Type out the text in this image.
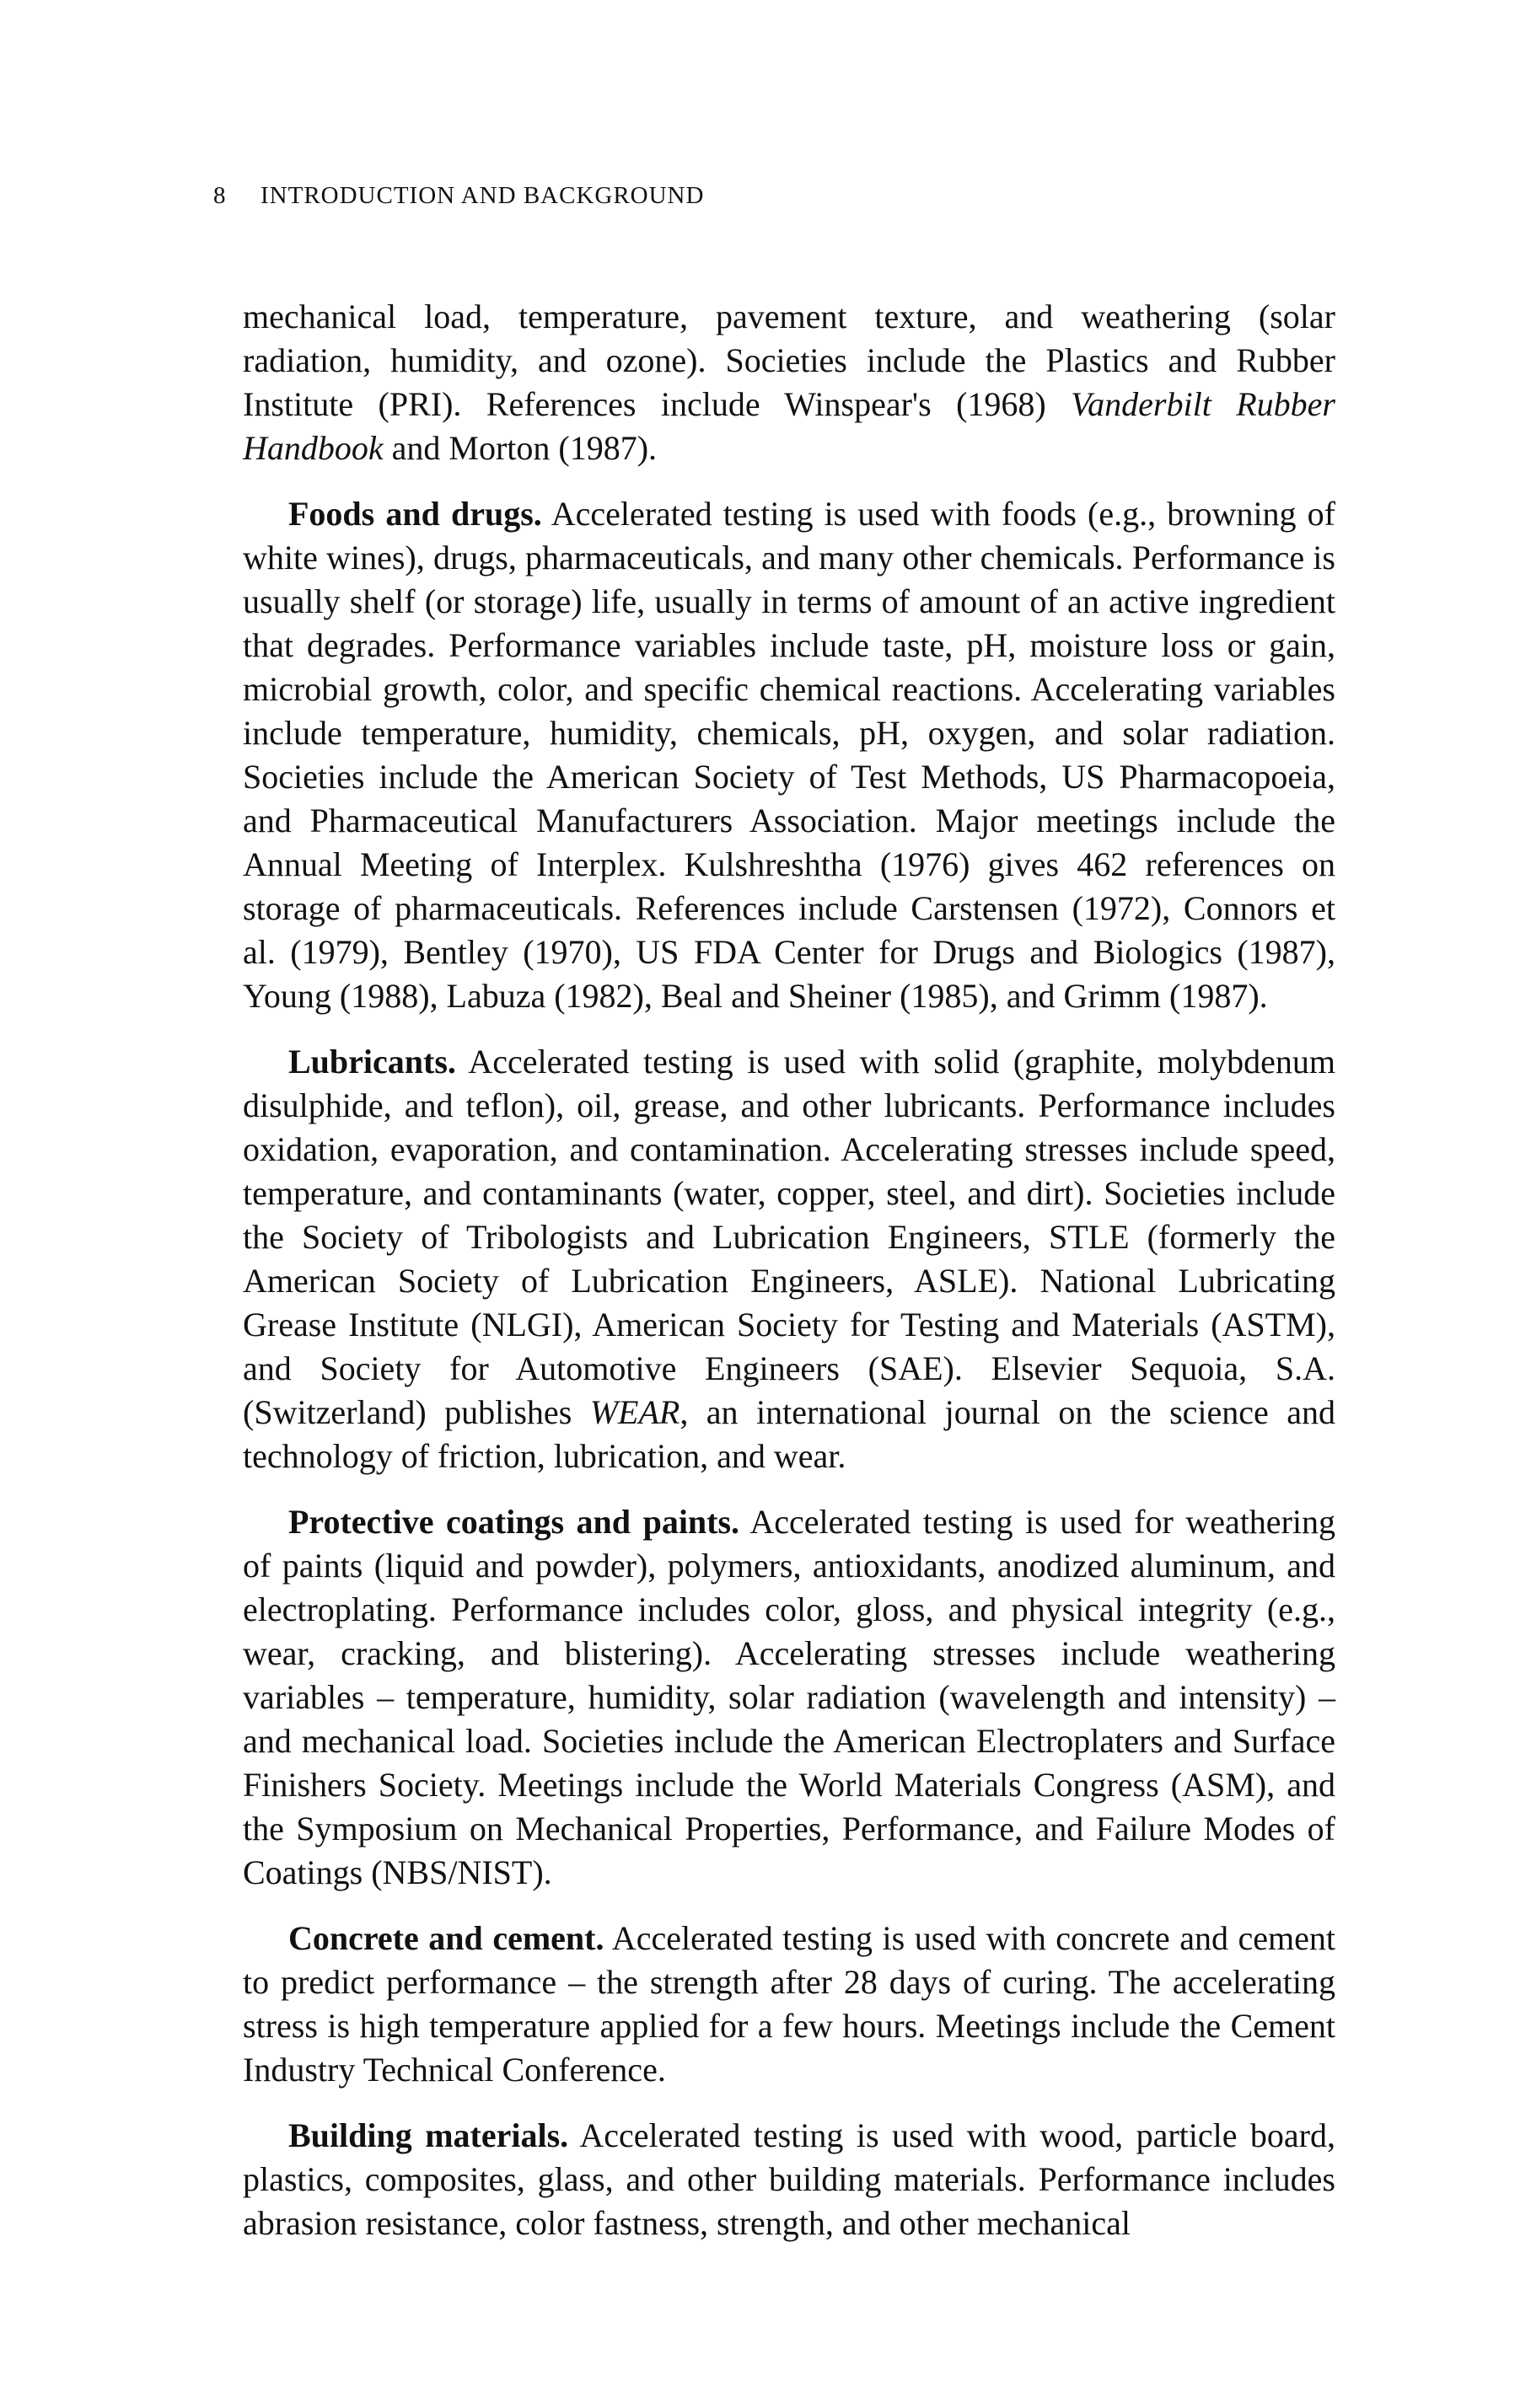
8 INTRODUCTION AND BACKGROUND

mechanical load, temperature, pavement texture, and weathering (solar radiation, humidity, and ozone). Societies include the Plastics and Rubber Institute (PRI). References include Winspear's (1968) Vanderbilt Rubber Handbook and Morton (1987).

Foods and drugs. Accelerated testing is used with foods (e.g., browning of white wines), drugs, pharmaceuticals, and many other chemicals. Performance is usually shelf (or storage) life, usually in terms of amount of an active ingredient that degrades. Performance variables include taste, pH, moisture loss or gain, microbial growth, color, and specific chemical reactions. Accelerating variables include temperature, humidity, chemicals, pH, oxygen, and solar radiation. Societies include the American Society of Test Methods, US Pharmacopoeia, and Pharmaceutical Manufacturers Association. Major meetings include the Annual Meeting of Interplex. Kulshreshtha (1976) gives 462 references on storage of pharmaceuticals. References include Carstensen (1972), Connors et al. (1979), Bentley (1970), US FDA Center for Drugs and Biologics (1987), Young (1988), Labuza (1982), Beal and Sheiner (1985), and Grimm (1987).

Lubricants. Accelerated testing is used with solid (graphite, molybdenum disulphide, and teflon), oil, grease, and other lubricants. Performance includes oxidation, evaporation, and contamination. Accelerating stresses include speed, temperature, and contaminants (water, copper, steel, and dirt). Societies include the Society of Tribologists and Lubrication Engineers, STLE (formerly the American Society of Lubrication Engineers, ASLE). National Lubricating Grease Institute (NLGI), American Society for Testing and Materials (ASTM), and Society for Automotive Engineers (SAE). Elsevier Sequoia, S.A. (Switzerland) publishes WEAR, an international journal on the science and technology of friction, lubrication, and wear.

Protective coatings and paints. Accelerated testing is used for weathering of paints (liquid and powder), polymers, antioxidants, anodized aluminum, and electroplating. Performance includes color, gloss, and physical integrity (e.g., wear, cracking, and blistering). Accelerating stresses include weathering variables – temperature, humidity, solar radiation (wavelength and intensity) – and mechanical load. Societies include the American Electroplaters and Surface Finishers Society. Meetings include the World Materials Congress (ASM), and the Symposium on Mechanical Properties, Performance, and Failure Modes of Coatings (NBS/NIST).

Concrete and cement. Accelerated testing is used with concrete and cement to predict performance – the strength after 28 days of curing. The accelerating stress is high temperature applied for a few hours. Meetings include the Cement Industry Technical Conference.

Building materials. Accelerated testing is used with wood, particle board, plastics, composites, glass, and other building materials. Performance includes abrasion resistance, color fastness, strength, and other mechanical
